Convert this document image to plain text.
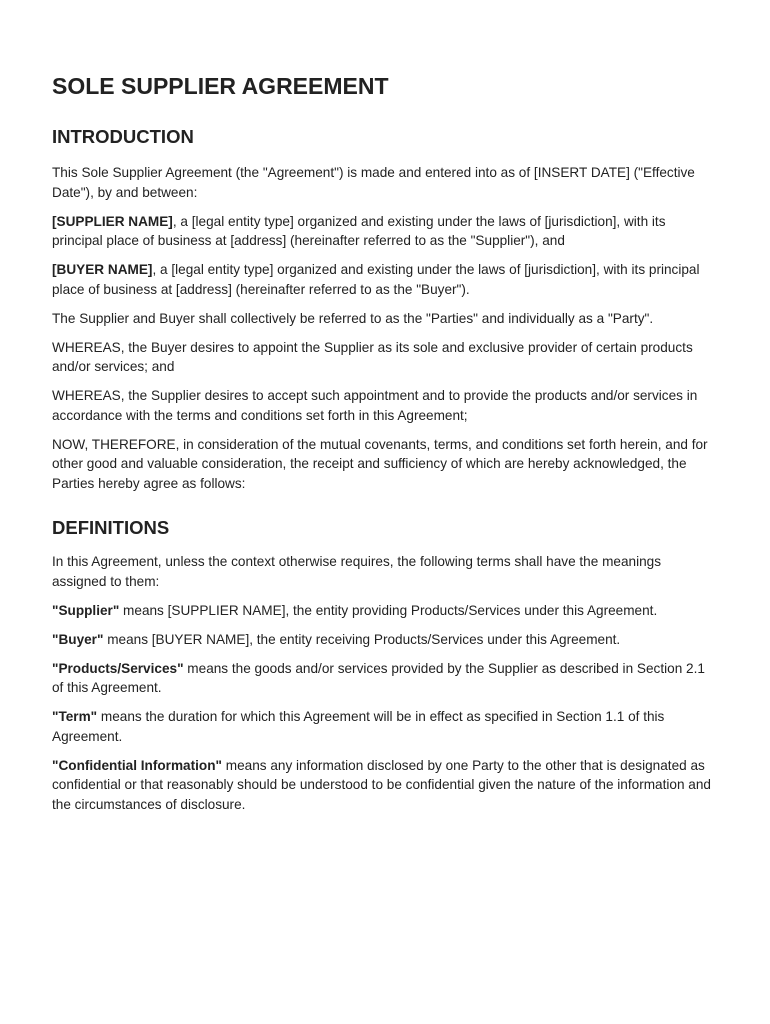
SOLE SUPPLIER AGREEMENT
INTRODUCTION

This Sole Supplier Agreement (the "Agreement") is made and entered into as of [INSERT DATE] ("Effective Date"), by and between:

[SUPPLIER NAME], a [legal entity type] organized and existing under the laws of [jurisdiction], with its principal place of business at [address] (hereinafter referred to as the "Supplier"), and

[BUYER NAME], a [legal entity type] organized and existing under the laws of [jurisdiction], with its principal place of business at [address] (hereinafter referred to as the "Buyer").

The Supplier and Buyer shall collectively be referred to as the "Parties" and individually as a "Party".

WHEREAS, the Buyer desires to appoint the Supplier as its sole and exclusive provider of certain products and/or services; and

WHEREAS, the Supplier desires to accept such appointment and to provide the products and/or services in accordance with the terms and conditions set forth in this Agreement;

NOW, THEREFORE, in consideration of the mutual covenants, terms, and conditions set forth herein, and for other good and valuable consideration, the receipt and sufficiency of which are hereby acknowledged, the Parties hereby agree as follows:

DEFINITIONS

In this Agreement, unless the context otherwise requires, the following terms shall have the meanings assigned to them:

"Supplier" means [SUPPLIER NAME], the entity providing Products/Services under this Agreement.

"Buyer" means [BUYER NAME], the entity receiving Products/Services under this Agreement.

"Products/Services" means the goods and/or services provided by the Supplier as described in Section 2.1 of this Agreement.

"Term" means the duration for which this Agreement will be in effect as specified in Section 1.1 of this Agreement.

"Confidential Information" means any information disclosed by one Party to the other that is designated as confidential or that reasonably should be understood to be confidential given the nature of the information and the circumstances of disclosure.
